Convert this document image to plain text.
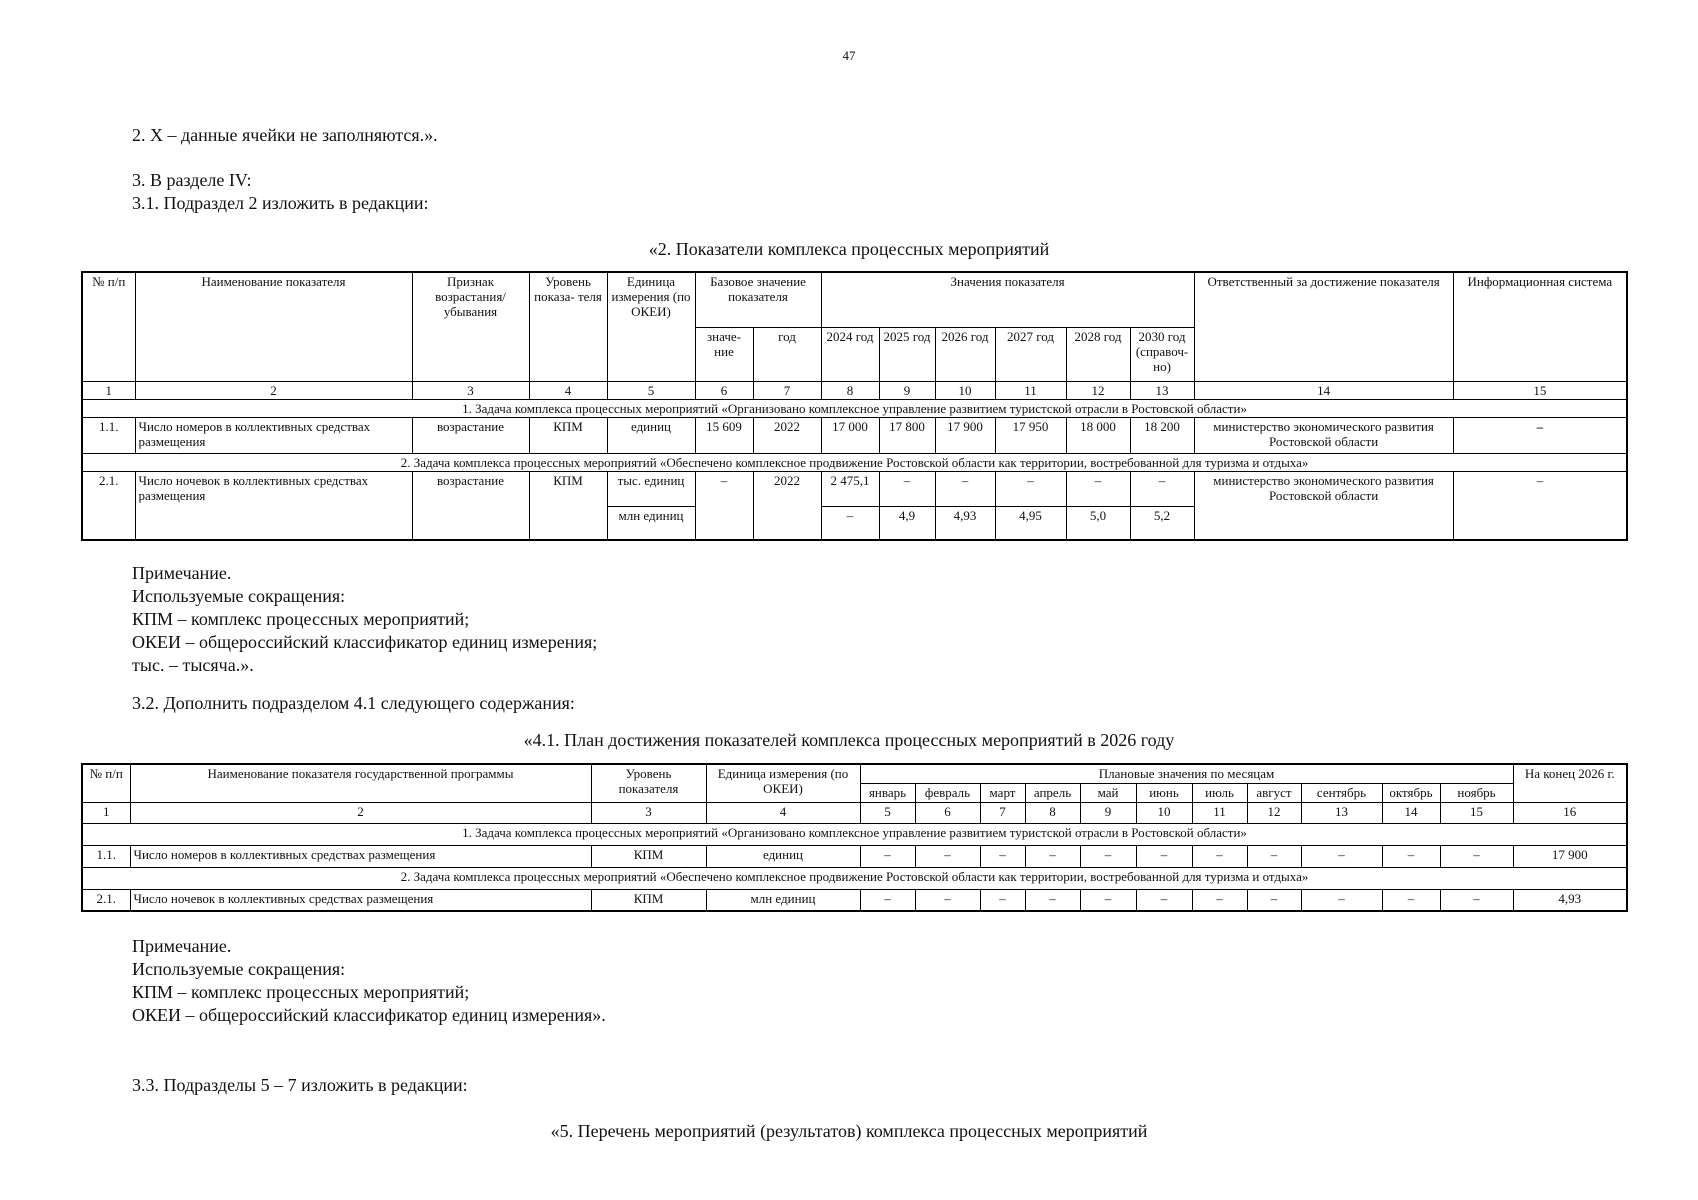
47
2. Х – данные ячейки не заполняются.».
3. В разделе IV:
3.1. Подраздел 2 изложить в редакции:
«2. Показатели комплекса процессных мероприятий
№ п/п	Наименование показателя	Признак возрастания/ убывания	Уровень показа- теля	Единица измерения (по ОКЕИ)	Базовое значение показателя		Значения показателя						Ответственный за достижение показателя	Информационная система
					значе- ние	год	2024 год	2025 год	2026 год	2027 год	2028 год	2030 год (справоч- но)		
1	2	3	4	5	6	7	8	9	10	11	12	13	14	15
1. Задача комплекса процессных мероприятий «Организовано комплексное управление развитием туристской отрасли в Ростовской области»														
1.1.	Число номеров в коллективных средствах размещения	возрастание	КПМ	единиц	15 609	2022	17 000	17 800	17 900	17 950	18 000	18 200	министерство экономического развития Ростовской области	–
2. Задача комплекса процессных мероприятий «Обеспечено комплексное продвижение Ростовской области как территории, востребованной для туризма и отдыха»														
2.1.	Число ночевок в коллективных средствах размещения	возрастание	КПМ	тыс. единиц	–	2022	2 475,1	–	–	–	–	–	министерство экономического развития Ростовской области	–
				млн единиц			–	4,9	4,93	4,95	5,0	5,2		
Примечание.
Используемые сокращения:
КПМ – комплекс процессных мероприятий;
ОКЕИ – общероссийский классификатор единиц измерения;
тыс. – тысяча.».
3.2. Дополнить подразделом 4.1 следующего содержания:
«4.1. План достижения показателей комплекса процессных мероприятий в 2026 году
№ п/п	Наименование показателя государственной программы	Уровень показателя	Единица измерения (по ОКЕИ)	Плановые значения по месяцам											На конец 2026 г.
				январь	февраль	март	апрель	май	июнь	июль	август	сентябрь	октябрь	ноябрь	
1	2	3	4	5	6	7	8	9	10	11	12	13	14	15	16
1. Задача комплекса процессных мероприятий «Организовано комплексное управление развитием туристской отрасли в Ростовской области»															
1.1.	Число номеров в коллективных средствах размещения	КПМ	единиц	–	–	–	–	–	–	–	–	–	–	–	17 900
2. Задача комплекса процессных мероприятий «Обеспечено комплексное продвижение Ростовской области как территории, востребованной для туризма и отдыха»															
2.1.	Число ночевок в коллективных средствах размещения	КПМ	млн единиц	–	–	–	–	–	–	–	–	–	–	–	4,93
Примечание.
Используемые сокращения:
КПМ – комплекс процессных мероприятий;
ОКЕИ – общероссийский классификатор единиц измерения».
3.3. Подразделы 5 – 7 изложить в редакции:
«5. Перечень мероприятий (результатов) комплекса процессных мероприятий
